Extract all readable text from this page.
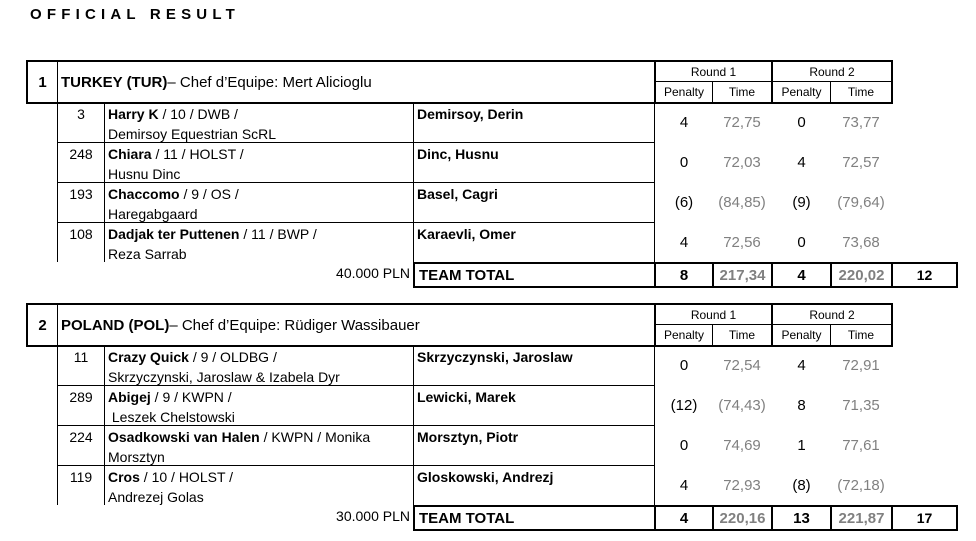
OFFICIAL RESULT
1 TURKEY (TUR) – Chef d’Equipe: Mert Alicioglu
Round 1	Round 2
Penalty	Time	Penalty	Time
3	Harry K / 10 / DWB /
Demirsoy Equestrian ScRL
Demirsoy, Derin	4	72,75	0	73,77
248	Chiara / 11 / HOLST /
Husnu Dinc
Dinc, Husnu	0	72,03	4	72,57
193	Chaccomo / 9 / OS /
Haregabgaard
Basel, Cagri	(6)	(84,85)	(9)	(79,64)
108	Dadjak ter Puttenen / 11 / BWP /
Reza Sarrab
Karaevli, Omer	4	72,56	0	73,68
40.000 PLN TEAM TOTAL	8	217,34	4	220,02	12
2 POLAND (POL) – Chef d’Equipe: Rüdiger Wassibauer
Round 1	Round 2
Penalty	Time	Penalty	Time
11	Crazy Quick / 9 / OLDBG /
Skrzyczynski, Jaroslaw & Izabela Dyr
Skrzyczynski, Jaroslaw	0	72,54	4	72,91
289	Abigej / 9 / KWPN /
Leszek Chelstowski
Lewicki, Marek	(12)	(74,43)	8	71,35
224	Osadkowski van Halen / KWPN / Monika
Morsztyn
Morsztyn, Piotr	0	74,69	1	77,61
119	Cros / 10 / HOLST /
Andrezej Golas
Gloskowski, Andrezj	4	72,93	(8)	(72,18)
30.000 PLN TEAM TOTAL	4	220,16	13	221,87	17
